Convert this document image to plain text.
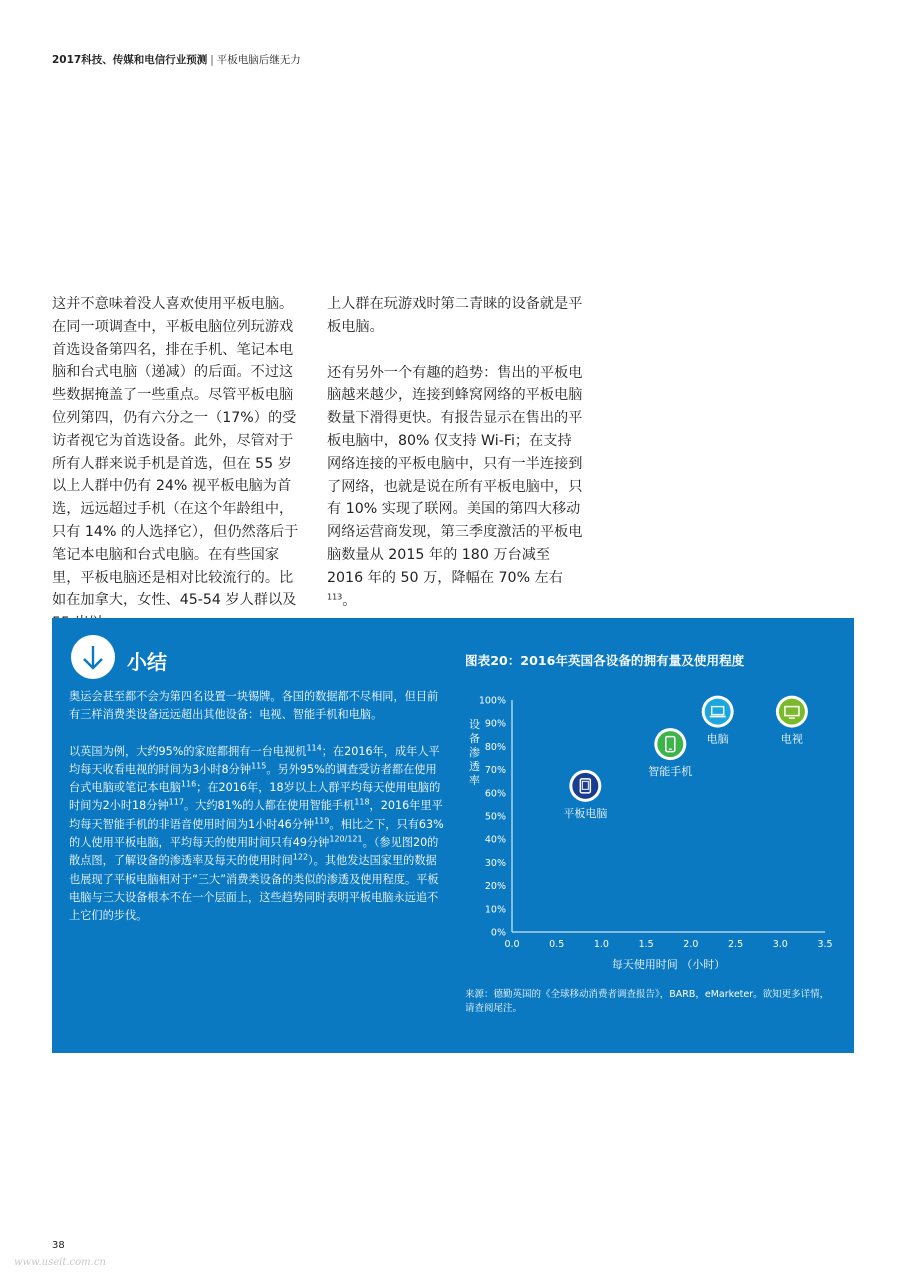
2017科技、传媒和电信行业预测 | 平板电脑后继无力

这并不意味着没人喜欢使用平板电脑。在同一项调查中，平板电脑位列玩游戏首选设备第四名，排在手机、笔记本电脑和台式电脑（递减）的后面。不过这些数据掩盖了一些重点。尽管平板电脑位列第四，仍有六分之一（17%）的受访者视它为首选设备。此外，尽管对于所有人群来说手机是首选，但在 55 岁以上人群中仍有 24% 视平板电脑为首选，远远超过手机（在这个年龄组中，只有 14% 的人选择它），但仍然落后于笔记本电脑和台式电脑。在有些国家里，平板电脑还是相对比较流行的。比如在加拿大，女性、45-54 岁人群以及

上人群在玩游戏时第二青睐的设备就是平板电脑。

还有另外一个有趣的趋势：售出的平板电脑越来越少，连接到蜂窝网络的平板电脑数量下滑得更快。有报告显示在售出的平板电脑中，80% 仅支持 Wi-Fi；在支持网络连接的平板电脑中，只有一半连接到了网络，也就是说在所有平板电脑中，只有 10% 实现了联网。美国的第四大移动网络运营商发现，第三季度激活的平板电脑数量从 2015 年的 180 万台减至 2016 年的 50 万，降幅在 70% 左右 $^{113}$。

小结

奥运会甚至都不会为第四名设置一块锡牌。各国的数据都不尽相同，但目前有三样消费类设备远远超出其他设备：电视、智能手机和电脑。

以英国为例，大约95%的家庭都拥有一台电视机$^{114}$；在2016年，成年人平均每天收看电视的时间为3小时8分钟$^{115}$。另外95%的调查受访者都在使用台式电脑或笔记本电脑$^{116}$；在2016年，18岁以上人群平均每天使用电脑的时间为2小时18分钟$^{117}$。大约81%的人都在使用智能手机$^{118}$，2016年里平均每天智能手机的非语音使用时间为1小时46分钟$^{119}$。相比之下，只有63%的人使用平板电脑，平均每天的使用时间只有49分钟$^{120/121}$。（参见图20的散点图，了解设备的渗透率及每天的使用时间$^{122}$）。其他发达国家里的数据也展现了平板电脑相对于“三大”消费类设备的类似的渗透及使用程度。平板电脑与三大设备根本不在一个层面上，这些趋势同时表明平板电脑永远追不上它们的步伐。

图表20：2016年英国各设备的拥有量及使用程度
0%
10%
20%
30%
40%
50%
60%
70%
80%
90%
100%
0.0	0.5	1.0	1.5	2.0	2.5	3.0	3.5
设备渗透率
每天使用时间 （小时）
平板电脑
智能手机
电脑	电视
来源：德勤英国的《全球移动消费者调查报告》，BARB，eMarketer。欲知更多详情，请查阅尾注。
38
www.useit.com.cn
